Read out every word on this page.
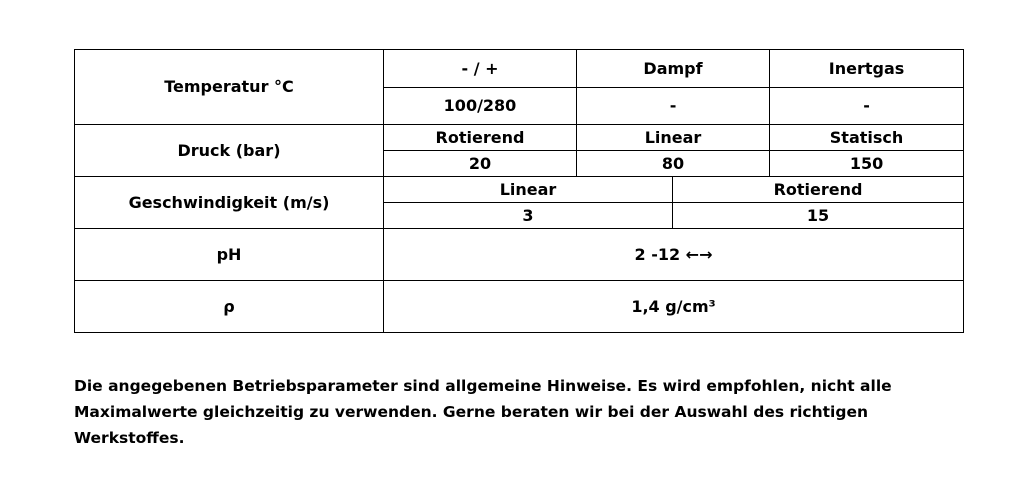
Temperatur °C	- / +	Dampf		Inertgas
	100/280	-		-
Druck (bar)	Rotierend	Linear		Statisch
	20	80		150
Geschwindigkeit (m/s)	Linear		Rotierend	
	3		15	
pH	2 -12 ←→			
ρ	1,4 g/cm³			

Die angegebenen Betriebsparameter sind allgemeine Hinweise. Es wird empfohlen, nicht alle Maximalwerte gleichzeitig zu verwenden. Gerne beraten wir bei der Auswahl des richtigen Werkstoffes.
